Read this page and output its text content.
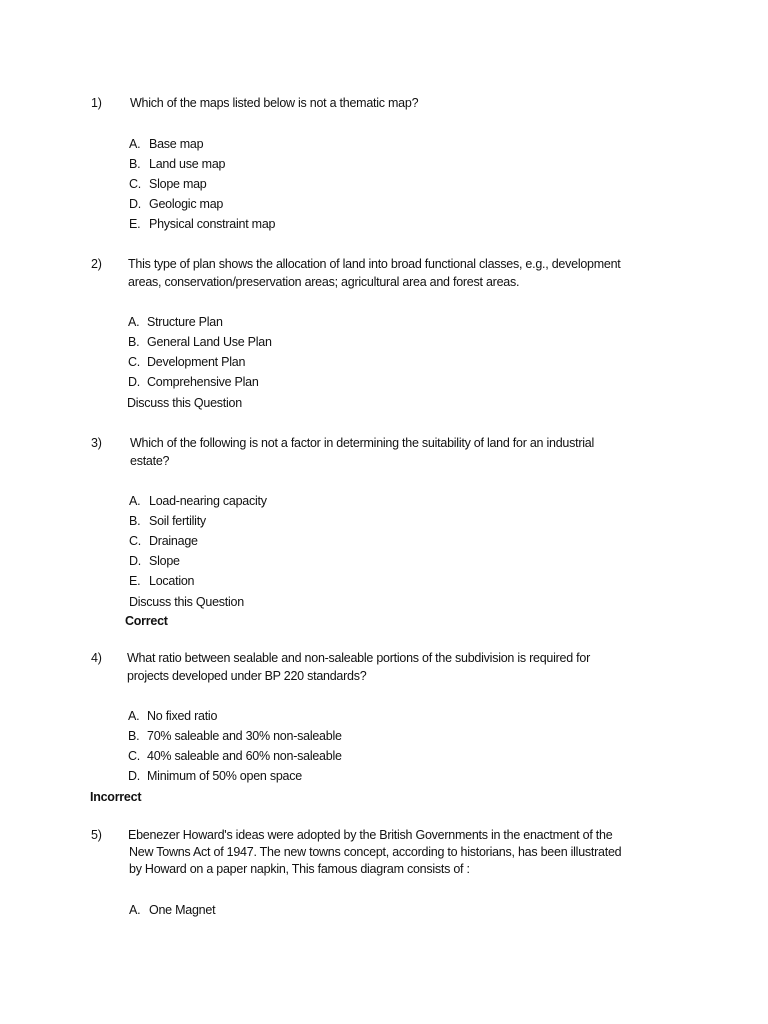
1) Which of the maps listed below is not a thematic map?
A. Base map
B. Land use map
C. Slope map
D. Geologic map
E. Physical constraint map
2) This type of plan shows the allocation of land into broad functional classes, e.g., development
areas, conservation/preservation areas; agricultural area and forest areas.
A. Structure Plan
B. General Land Use Plan
C. Development Plan
D. Comprehensive Plan
Discuss this Question
3) Which of the following is not a factor in determining the suitability of land for an industrial
estate?
A. Load-nearing capacity
B. Soil fertility
C. Drainage
D. Slope
E. Location
Discuss this Question
Correct
4) What ratio between sealable and non-saleable portions of the subdivision is required for
projects developed under BP 220 standards?
A. No fixed ratio
B. 70% saleable and 30% non-saleable
C. 40% saleable and 60% non-saleable
D. Minimum of 50% open space
Incorrect
5) Ebenezer Howard's ideas were adopted by the British Governments in the enactment of the
New Towns Act of 1947. The new towns concept, according to historians, has been illustrated
by Howard on a paper napkin, This famous diagram consists of :
A. One Magnet
